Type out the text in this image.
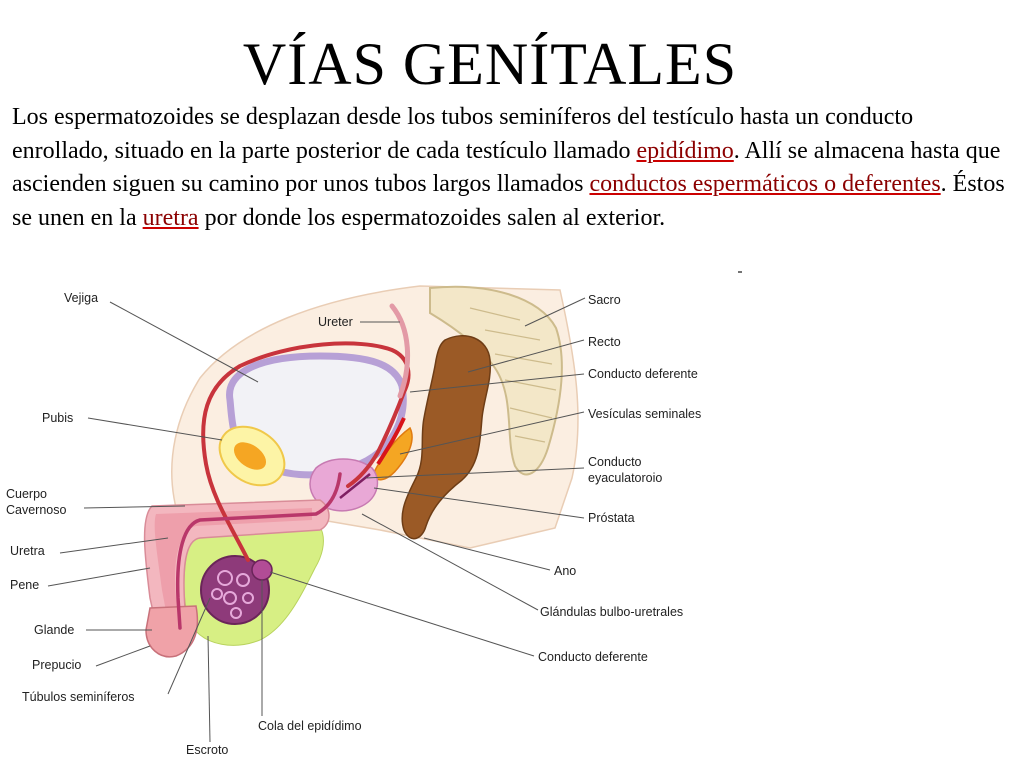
VÍAS GENÍTALES
Los espermatozoides se desplazan desde los tubos seminíferos del testículo hasta un conducto enrollado, situado en la parte posterior de cada testículo llamado epidídimo. Allí se almacena hasta que ascienden siguen su camino por unos tubos largos llamados conductos espermáticos o deferentes. Éstos se unen en la uretra por donde los espermatozoides salen al exterior.
Vejiga
Pubis
Cuerpo
Cavernoso
Uretra
Pene
Glande
Prepucio
Túbulos seminíferos
Escroto
Cola del epidídimo
Ureter
Sacro
Recto
Conducto deferente
Vesículas seminales
Conducto
eyaculatoroio
Próstata
Ano
Glándulas bulbo-uretrales
Conducto deferente
